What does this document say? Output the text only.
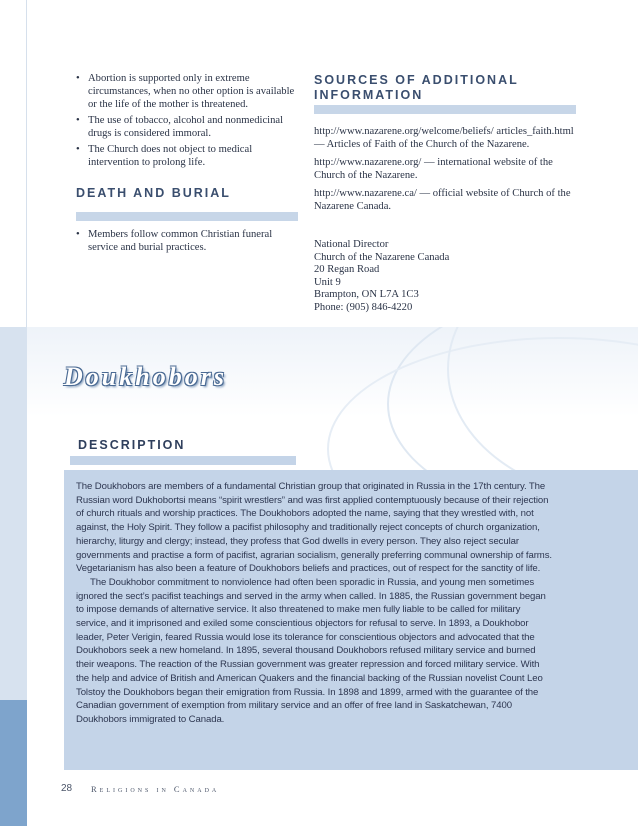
• Abortion is supported only in extreme circumstances, when no other option is available or the life of the mother is threatened.
• The use of tobacco, alcohol and nonmedicinal drugs is considered immoral.
• The Church does not object to medical intervention to prolong life.
DEATH AND BURIAL
• Members follow common Christian funeral service and burial practices.
SOURCES OF ADDITIONAL
INFORMATION

http://www.nazarene.org/welcome/beliefs/ articles_faith.html — Articles of Faith of the Church of the Nazarene.

http://www.nazarene.org/ — international website of the Church of the Nazarene.

http://www.nazarene.ca/ — official website of Church of the Nazarene Canada.

National Director
Church of the Nazarene Canada
20 Regan Road
Unit 9
Brampton, ON L7A 1C3
Phone: (905) 846-4220
Doukhobors
DESCRIPTION

The Doukhobors are members of a fundamental Christian group that originated in Russia in the 17th century. The Russian word Dukhobortsi means “spirit wrestlers” and was first applied contemptuously because of their rejection of church rituals and worship practices. The Doukhobors adopted the name, saying that they wrestled with, not against, the Holy Spirit. They follow a pacifist philosophy and traditionally reject concepts of church organization, hierarchy, liturgy and clergy; instead, they profess that God dwells in every person. They also reject secular governments and practise a form of pacifist, agrarian socialism, generally preferring communal ownership of farms. Vegetarianism has also been a feature of Doukhobors beliefs and practices, out of respect for the sanctity of life.

The Doukhobor commitment to nonviolence had often been sporadic in Russia, and young men sometimes ignored the sect’s pacifist teachings and served in the army when called. In 1885, the Russian government began to impose demands of alternative service. It also threatened to make men fully liable to be called for military service, and it imprisoned and exiled some conscientious objectors for refusal to serve. In 1893, a Doukhobor leader, Peter Verigin, feared Russia would lose its tolerance for conscientious objectors and advocated that the Doukhobors seek a new homeland. In 1895, several thousand Doukhobors refused military service and burned their weapons. The reaction of the Russian government was greater repression and forced military service. With the help and advice of British and American Quakers and the financial backing of the Russian novelist Count Leo Tolstoy the Doukhobors began their emigration from Russia. In 1898 and 1899, armed with the guarantee of the Canadian government of exemption from military service and an offer of free land in Saskatchewan, 7400 Doukhobors immigrated to Canada.

28 Religions in Canada
